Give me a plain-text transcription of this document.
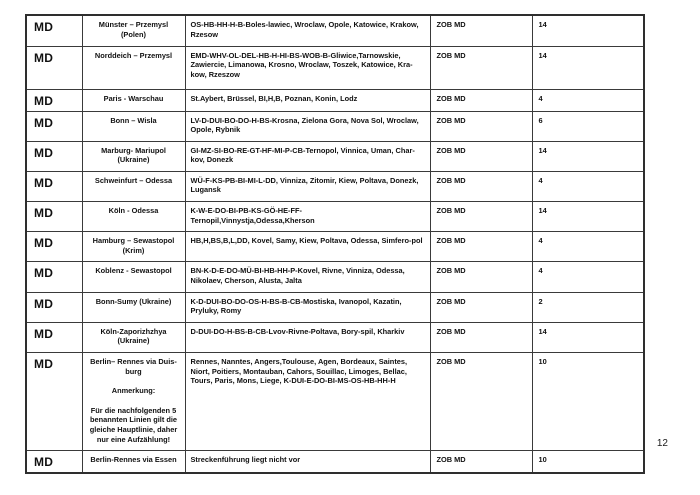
MD	Münster – Przemysl (Polen)	OS-HB-HH-H-B-Boles-lawiec, Wroclaw, Opole, Katowice, Krakow, Rzesow	ZOB MD	14
MD	Norddeich – Przemysl	EMD-WHV-OL-DEL-HB-H-HI-BS-WOB-B-Gliwice,Tarnowskie, Zawiercie, Limanowa, Krosno, Wroclaw, Toszek, Katowice, Kra-kow, Rzeszow	ZOB MD	14
MD	Paris - Warschau	St.Aybert, Brüssel, BI,H,B, Poznan, Konin, Lodz	ZOB MD	4
MD	Bonn – Wisla	LV-D-DUI-BO-DO-H-BS-Krosna, Zielona Gora, Nova Sol, Wroclaw, Opole, Rybnik	ZOB MD	6
MD	Marburg- Mariupol (Ukraine)	GI-MZ-SI-BO-RE-GT-HF-MI-P-CB-Ternopol, Vinnica, Uman, Char-kov, Donezk	ZOB MD	14
MD	Schweinfurt – Odessa	WÜ-F-KS-PB-BI-MI-L-DD, Vinniza, Zitomir, Kiew, Poltava, Donezk, Lugansk	ZOB MD	4
MD	Köln - Odessa	K-W-E-DO-BI-PB-KS-GÖ-HE-FF-Ternopil,Vinnystja,Odessa,Kherson	ZOB MD	14
MD	Hamburg – Sewastopol (Krim)	HB,H,BS,B,L,DD, Kovel, Samy, Kiew, Poltava, Odessa, Simfero-pol	ZOB MD	4
MD	Koblenz - Sewastopol	BN-K-D-E-DO-MÜ-BI-HB-HH-P-Kovel, Rivne, Vinniza, Odessa, Nikolaev, Cherson, Alusta, Jalta	ZOB MD	4
MD	Bonn-Sumy (Ukraine)	K-D-DUI-BO-DO-OS-H-BS-B-CB-Mostiska, Ivanopol, Kazatin, Pryluky, Romy	ZOB MD	2
MD	Köln-Zaporizhzhya (Ukraine)	D-DUI-DO-H-BS-B-CB-Lvov-Rivne-Poltava, Bory-spil, Kharkiv	ZOB MD	14
MD	Berlin– Rennes via Duis-burg
Anmerkung:
Für die nachfolgenden 5 benannten Linien gilt die gleiche Hauptlinie, daher nur eine Aufzählung!	Rennes, Nanntes, Angers,Toulouse, Agen, Bordeaux, Saintes, Niort, Poitiers, Montauban, Cahors, Souillac, Limoges, Bellac, Tours, Paris, Mons, Liege, K-DUI-E-DO-BI-MS-OS-HB-HH-H	ZOB MD	10
MD	Berlin-Rennes via Essen	Streckenführung liegt nicht vor	ZOB MD	10
12
